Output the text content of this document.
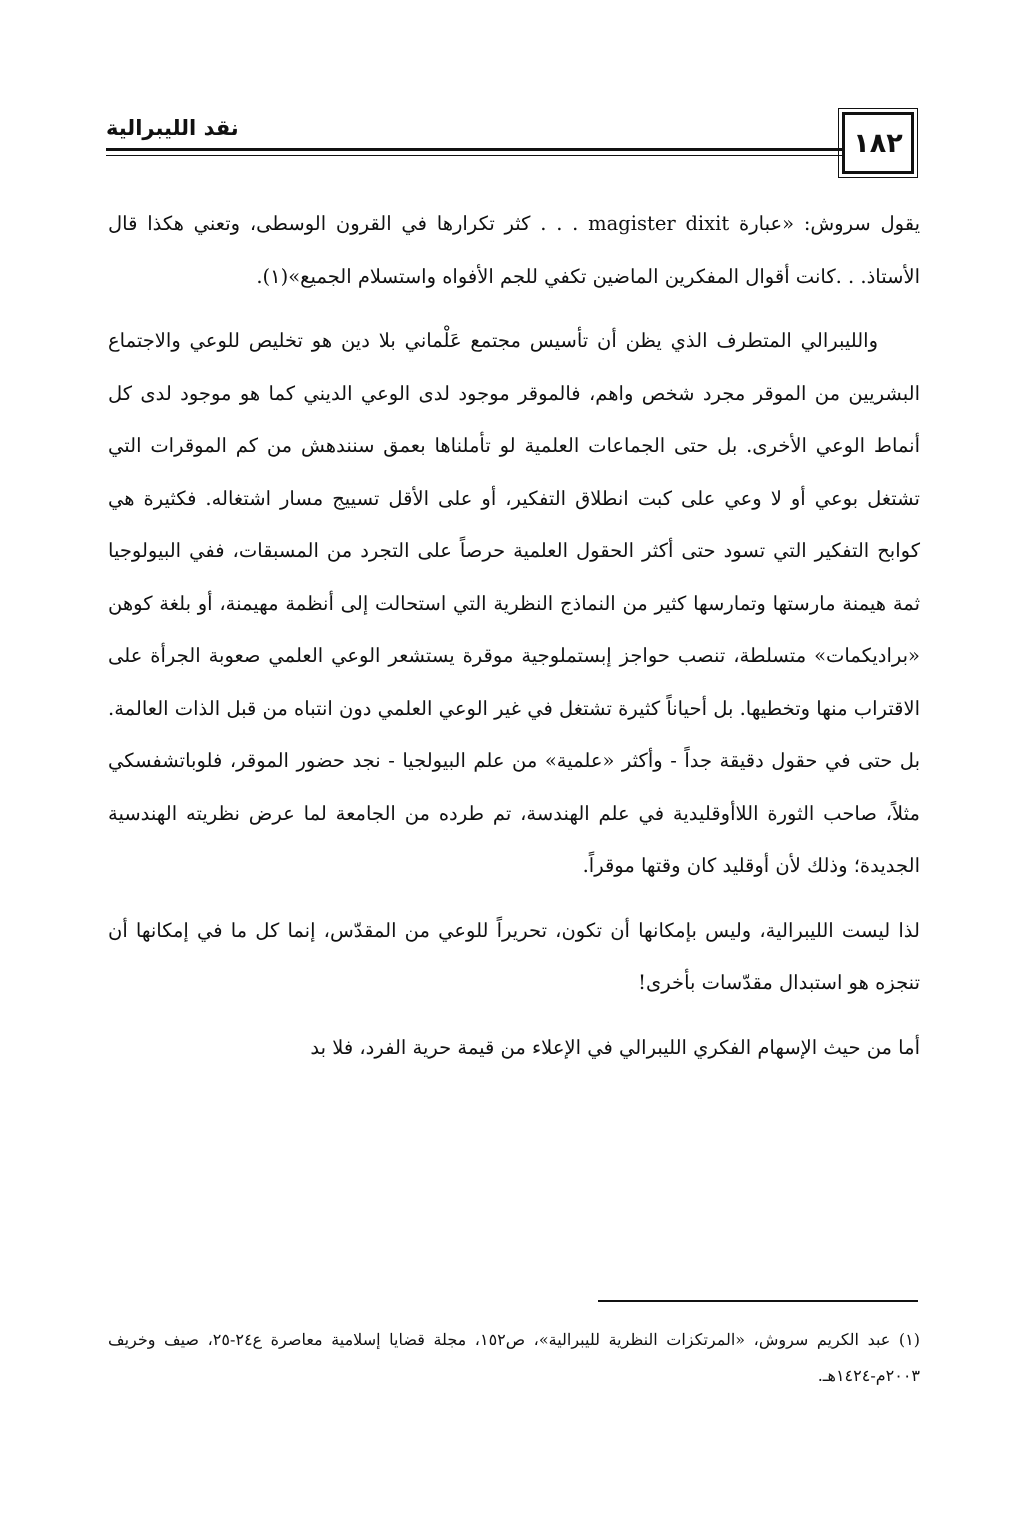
نقد الليبرالية	١٨٢

يقول سروش: «عبارة magister dixit . . . كثر تكرارها في القرون الوسطى، وتعني هكذا قال الأستاذ. . .كانت أقوال المفكرين الماضين تكفي للجم الأفواه واستسلام الجميع»(١).

والليبرالي المتطرف الذي يظن أن تأسيس مجتمع عَلْماني بلا دين هو تخليص للوعي والاجتماع البشريين من الموقر مجرد شخص واهم، فالموقر موجود لدى الوعي الديني كما هو موجود لدى كل أنماط الوعي الأخرى. بل حتى الجماعات العلمية لو تأملناها بعمق سنندهش من كم الموقرات التي تشتغل بوعي أو لا وعي على كبت انطلاق التفكير، أو على الأقل تسييج مسار اشتغاله. فكثيرة هي كوابح التفكير التي تسود حتى أكثر الحقول العلمية حرصاً على التجرد من المسبقات، ففي البيولوجيا ثمة هيمنة مارستها وتمارسها كثير من النماذج النظرية التي استحالت إلى أنظمة مهيمنة، أو بلغة كوهن «براديكمات» متسلطة، تنصب حواجز إبستملوجية موقرة يستشعر الوعي العلمي صعوبة الجرأة على الاقتراب منها وتخطيها. بل أحياناً كثيرة تشتغل في غير الوعي العلمي دون انتباه من قبل الذات العالمة. بل حتى في حقول دقيقة جداً - وأكثر «علمية» من علم البيولجيا - نجد حضور الموقر، فلوباتشفسكي مثلاً، صاحب الثورة اللاأوقليدية في علم الهندسة، تم طرده من الجامعة لما عرض نظريته الهندسية الجديدة؛ وذلك لأن أوقليد كان وقتها موقراً.

لذا ليست الليبرالية، وليس بإمكانها أن تكون، تحريراً للوعي من المقدّس، إنما كل ما في إمكانها أن تنجزه هو استبدال مقدّسات بأخرى!

أما من حيث الإسهام الفكري الليبرالي في الإعلاء من قيمة حرية الفرد، فلا بد

(١) عبد الكريم سروش، «المرتكزات النظرية لليبرالية»، ص١٥٢، مجلة قضايا إسلامية معاصرة ع٢٤-٢٥، صيف وخريف ٢٠٠٣م-١٤٢٤هـ.
